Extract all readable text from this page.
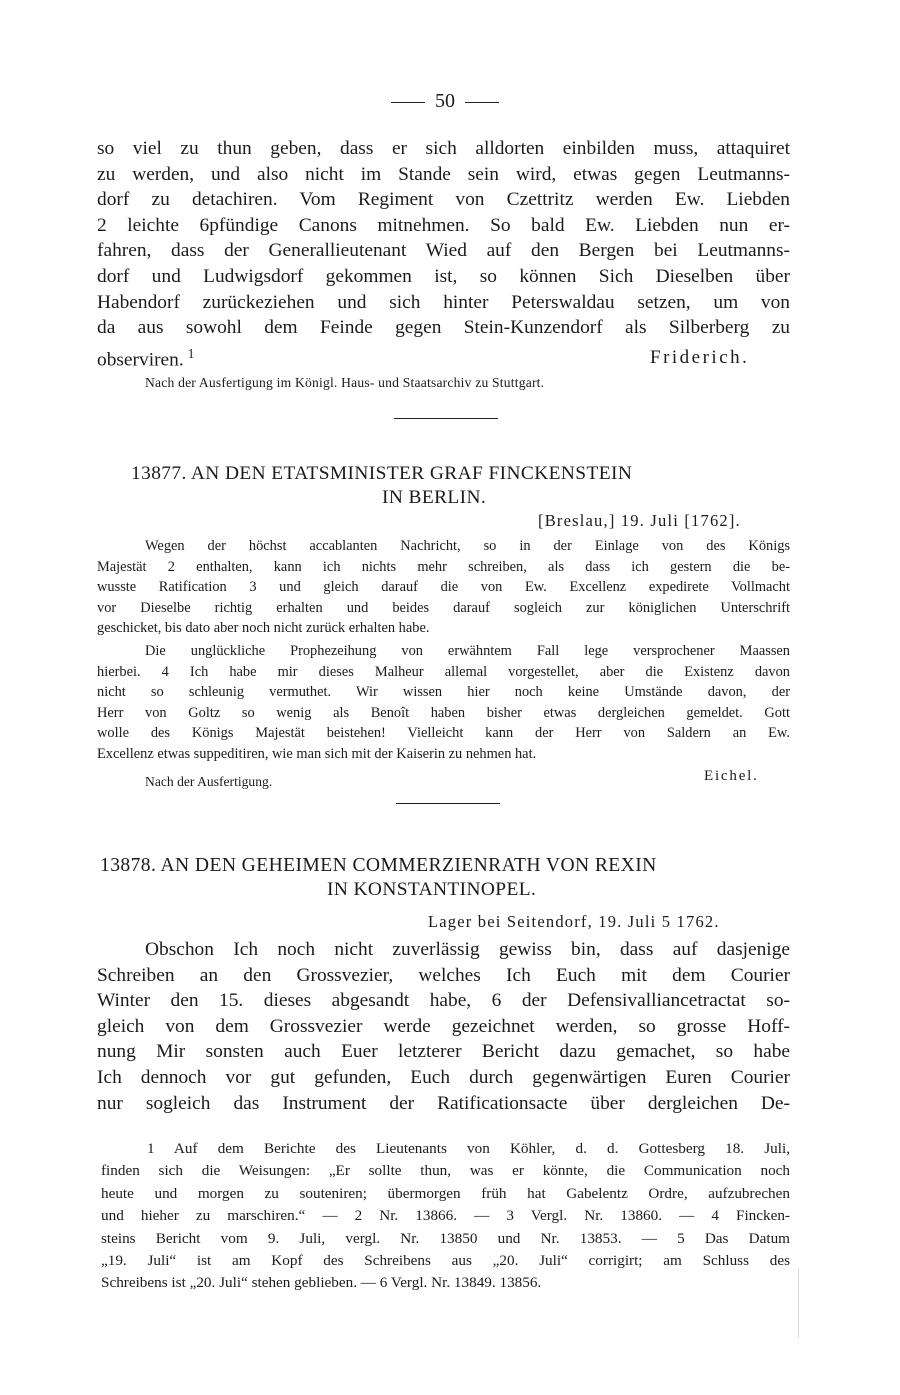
50
so viel zu thun geben, dass er sich alldorten einbilden muss, attaquiret
zu werden, und also nicht im Stande sein wird, etwas gegen Leutmanns-
dorf zu detachiren. Vom Regiment von Czettritz werden Ew. Liebden
2 leichte 6pfündige Canons mitnehmen. So bald Ew. Liebden nun er-
fahren, dass der Generallieutenant Wied auf den Bergen bei Leutmanns-
dorf und Ludwigsdorf gekommen ist, so können Sich Dieselben über
Habendorf zurückeziehen und sich hinter Peterswaldau setzen, um von
da aus sowohl dem Feinde gegen Stein-Kunzendorf als Silberberg zu
observiren. $^1$	Friderich.
Nach der Ausfertigung im Königl. Haus- und Staatsarchiv zu Stuttgart.
13877. AN DEN ETATSMINISTER GRAF FINCKENSTEIN
IN BERLIN.
[Breslau,] 19. Juli [1762].
Wegen der höchst accablanten Nachricht, so in der Einlage von des Königs
Majestät 2 enthalten, kann ich nichts mehr schreiben, als dass ich gestern die be-
wusste Ratification 3 und gleich darauf die von Ew. Excellenz expedirete Vollmacht
vor Dieselbe richtig erhalten und beides darauf sogleich zur königlichen Unterschrift
geschicket, bis dato aber noch nicht zurück erhalten habe.
Die unglückliche Prophezeihung von erwähntem Fall lege versprochener Maassen
hierbei. 4 Ich habe mir dieses Malheur allemal vorgestellet, aber die Existenz davon
nicht so schleunig vermuthet. Wir wissen hier noch keine Umstände davon, der
Herr von Goltz so wenig als Benoît haben bisher etwas dergleichen gemeldet. Gott
wolle des Königs Majestät beistehen! Vielleicht kann der Herr von Saldern an Ew.
Excellenz etwas suppeditiren, wie man sich mit der Kaiserin zu nehmen hat.
Nach der Ausfertigung.	Eichel.
13878. AN DEN GEHEIMEN COMMERZIENRATH VON REXIN
IN KONSTANTINOPEL.
Lager bei Seitendorf, 19. Juli 5 1762.
Obschon Ich noch nicht zuverlässig gewiss bin, dass auf dasjenige
Schreiben an den Grossvezier, welches Ich Euch mit dem Courier
Winter den 15. dieses abgesandt habe, 6 der Defensivalliancetractat so-
gleich von dem Grossvezier werde gezeichnet werden, so grosse Hoff-
nung Mir sonsten auch Euer letzterer Bericht dazu gemachet, so habe
Ich dennoch vor gut gefunden, Euch durch gegenwärtigen Euren Courier
nur sogleich das Instrument der Ratificationsacte über dergleichen De-
1 Auf dem Berichte des Lieutenants von Köhler, d. d. Gottesberg 18. Juli,
finden sich die Weisungen: „Er sollte thun, was er könnte, die Communication noch
heute und morgen zu souteniren; übermorgen früh hat Gabelentz Ordre, aufzubrechen
und hieher zu marschiren.“ — 2 Nr. 13866. — 3 Vergl. Nr. 13860. — 4 Fincken-
steins Bericht vom 9. Juli, vergl. Nr. 13850 und Nr. 13853. — 5 Das Datum
„19. Juli“ ist am Kopf des Schreibens aus „20. Juli“ corrigirt; am Schluss des
Schreibens ist „20. Juli“ stehen geblieben. — 6 Vergl. Nr. 13849. 13856.
